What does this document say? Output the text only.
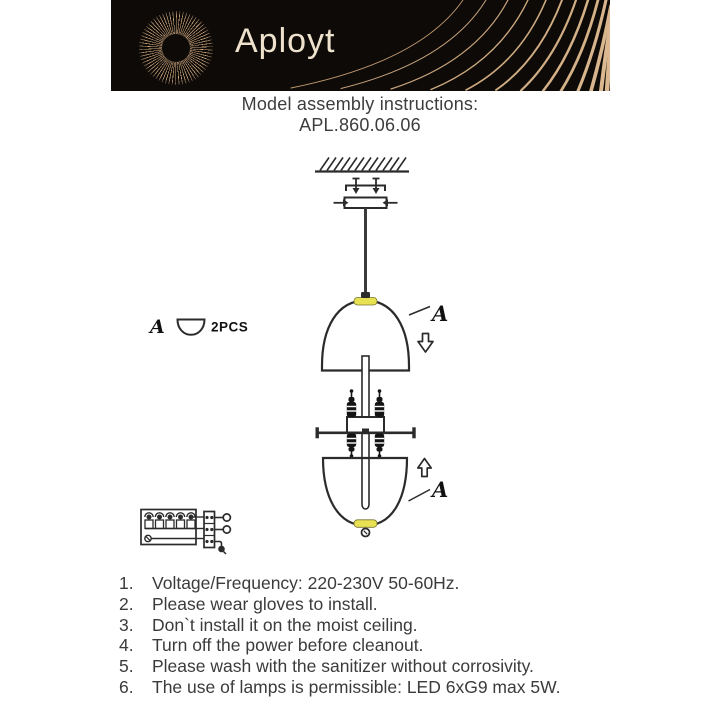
Aployt
Model assembly instructions:
APL.860.06.06
A
A
A	2PCS
1.	Voltage/Frequency: 220-230V 50-60Hz.
2.	Please wear gloves to install.
3.	Don`t install it on the moist ceiling.
4.	Turn off the power before cleanout.
5.	Please wash with the sanitizer without corrosivity.
6.	The use of lamps is permissible: LED 6xG9 max 5W.
